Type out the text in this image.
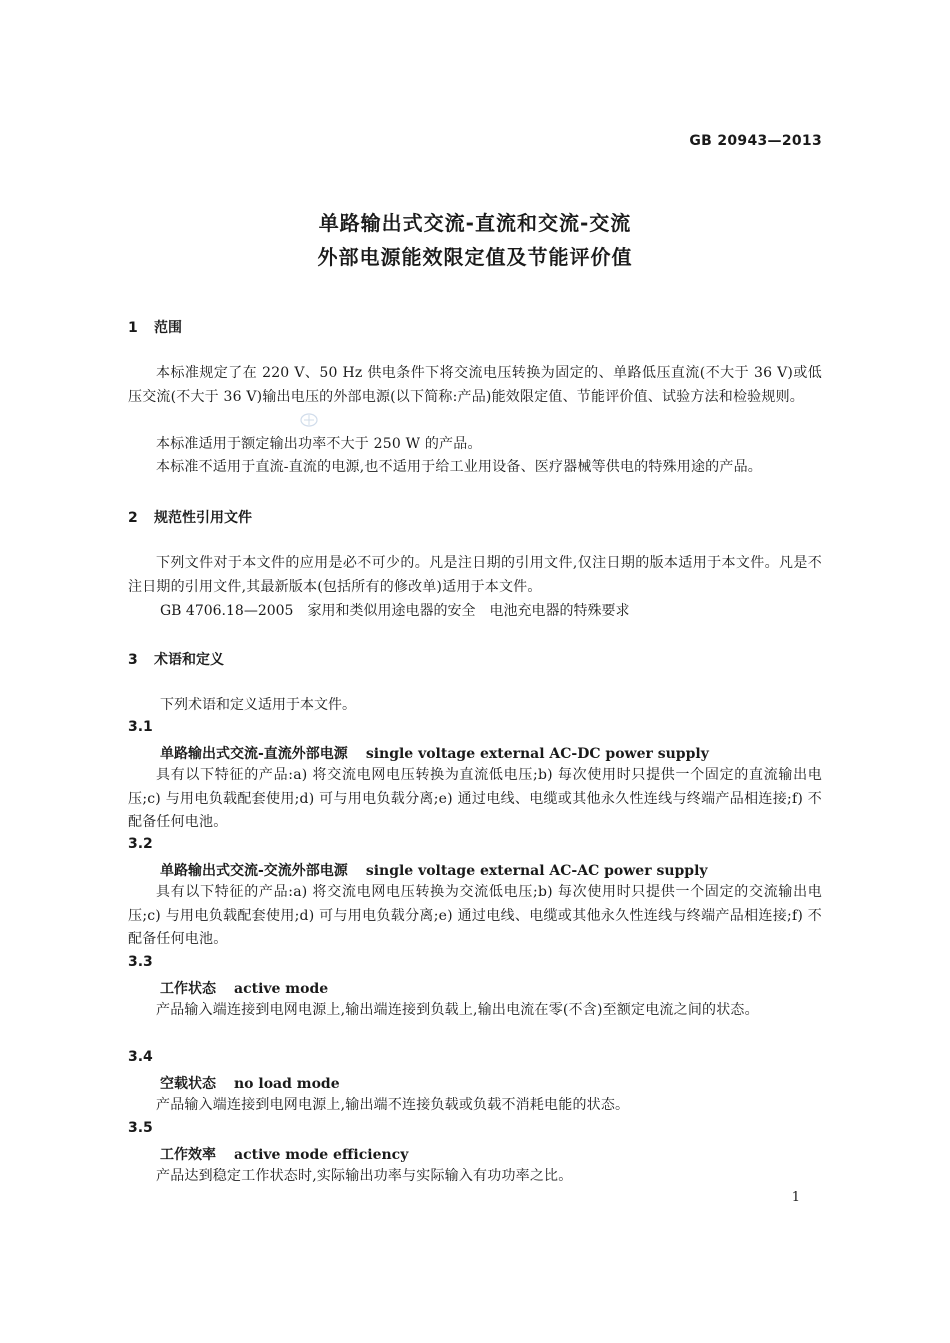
GB 20943—2013
单路输出式交流-直流和交流-交流
外部电源能效限定值及节能评价值
1 范围
本标准规定了在 220 V、50 Hz 供电条件下将交流电压转换为固定的、单路低压直流(不大于 36 V)或低压交流(不大于 36 V)输出电压的外部电源(以下简称:产品)能效限定值、节能评价值、试验方法和检验规则。
本标准适用于额定输出功率不大于 250 W 的产品。
本标准不适用于直流-直流的电源,也不适用于给工业用设备、医疗器械等供电的特殊用途的产品。
2 规范性引用文件
下列文件对于本文件的应用是必不可少的。凡是注日期的引用文件,仅注日期的版本适用于本文件。凡是不注日期的引用文件,其最新版本(包括所有的修改单)适用于本文件。
GB 4706.18—2005 家用和类似用途电器的安全 电池充电器的特殊要求
3 术语和定义
下列术语和定义适用于本文件。
3.1
单路输出式交流-直流外部电源 single voltage external AC-DC power supply
具有以下特征的产品:a) 将交流电网电压转换为直流低电压;b) 每次使用时只提供一个固定的直流输出电压;c) 与用电负载配套使用;d) 可与用电负载分离;e) 通过电线、电缆或其他永久性连线与终端产品相连接;f) 不配备任何电池。
3.2
单路输出式交流-交流外部电源 single voltage external AC-AC power supply
具有以下特征的产品:a) 将交流电网电压转换为交流低电压;b) 每次使用时只提供一个固定的交流输出电压;c) 与用电负载配套使用;d) 可与用电负载分离;e) 通过电线、电缆或其他永久性连线与终端产品相连接;f) 不配备任何电池。
3.3
工作状态 active mode
产品输入端连接到电网电源上,输出端连接到负载上,输出电流在零(不含)至额定电流之间的状态。
3.4
空载状态 no load mode
产品输入端连接到电网电源上,输出端不连接负载或负载不消耗电能的状态。
3.5
工作效率 active mode efficiency
产品达到稳定工作状态时,实际输出功率与实际输入有功功率之比。
1
